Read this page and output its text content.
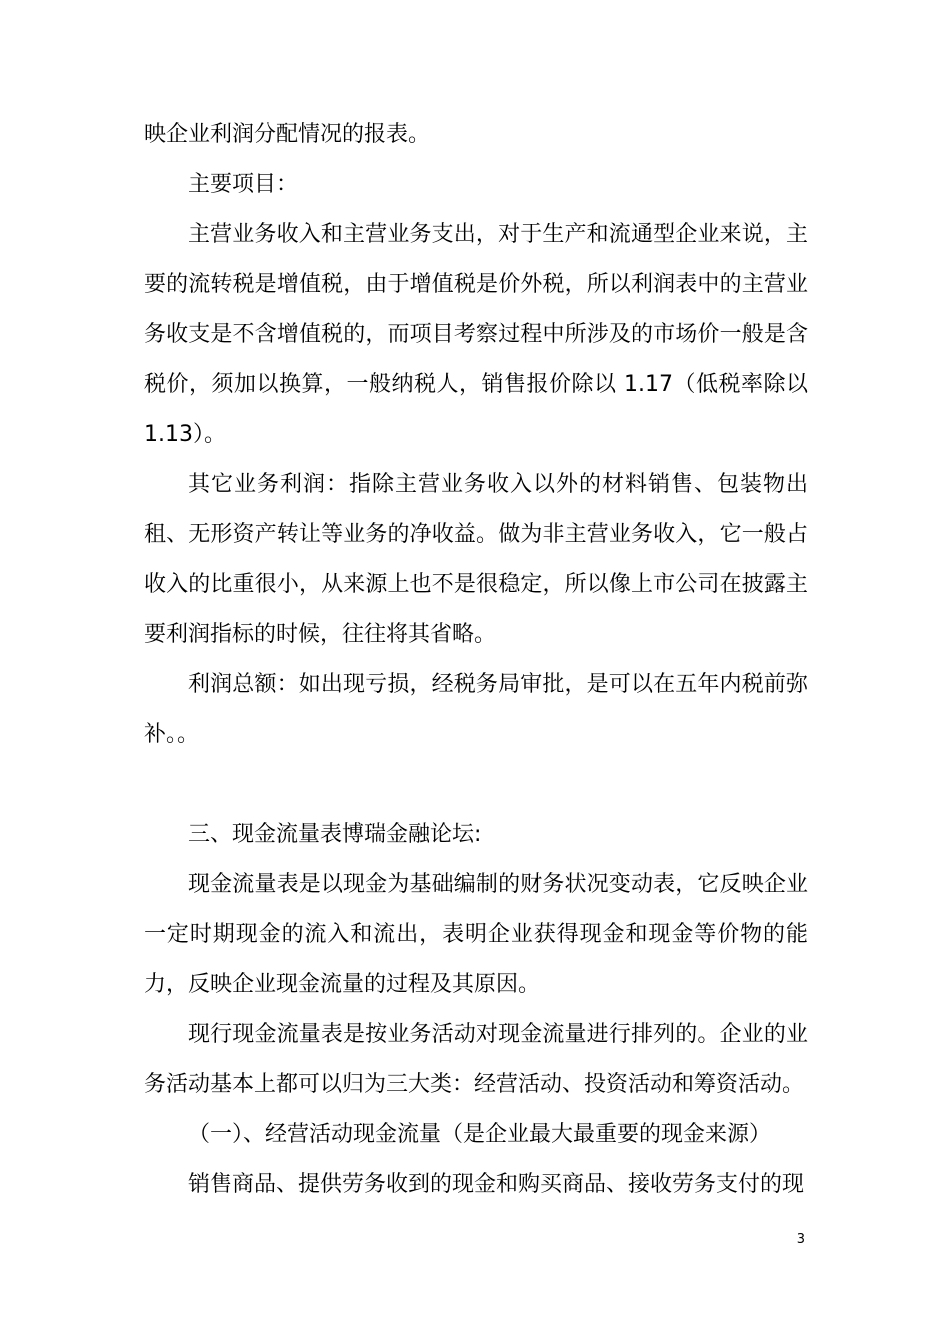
映企业利润分配情况的报表。

主要项目：

主营业务收入和主营业务支出，对于生产和流通型企业来说，主要的流转税是增值税，由于增值税是价外税，所以利润表中的主营业务收支是不含增值税的，而项目考察过程中所涉及的市场价一般是含税价，须加以换算，一般纳税人，销售报价除以 1.17（低税率除以1.13）。

其它业务利润：指除主营业务收入以外的材料销售、包装物出租、无形资产转让等业务的净收益。做为非主营业务收入，它一般占收入的比重很小，从来源上也不是很稳定，所以像上市公司在披露主要利润指标的时候，往往将其省略。

利润总额：如出现亏损，经税务局审批，是可以在五年内税前弥补。。

三、现金流量表博瑞金融论坛:

现金流量表是以现金为基础编制的财务状况变动表，它反映企业一定时期现金的流入和流出，表明企业获得现金和现金等价物的能力，反映企业现金流量的过程及其原因。

现行现金流量表是按业务活动对现金流量进行排列的。企业的业务活动基本上都可以归为三大类：经营活动、投资活动和筹资活动。

（一）、经营活动现金流量（是企业最大最重要的现金来源）

销售商品、提供劳务收到的现金和购买商品、接收劳务支付的现

3
